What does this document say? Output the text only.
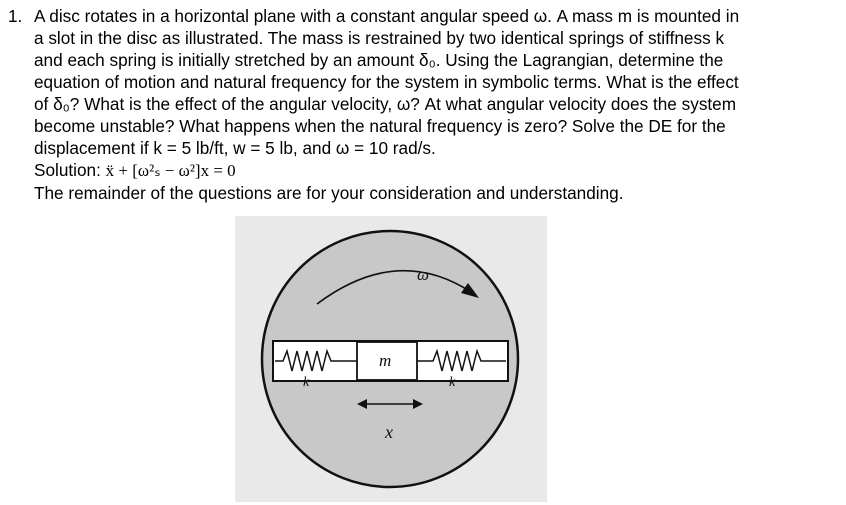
1. A disc rotates in a horizontal plane with a constant angular speed ω. A mass m is mounted in
a slot in the disc as illustrated. The mass is restrained by two identical springs of stiffness k
and each spring is initially stretched by an amount δ₀. Using the Lagrangian, determine the
equation of motion and natural frequency for the system in symbolic terms. What is the effect
of δ₀? What is the effect of the angular velocity, ω? At what angular velocity does the system
become unstable? What happens when the natural frequency is zero? Solve the DE for the
displacement if k = 5 lb/ft, w = 5 lb, and ω = 10 rad/s.
Solution: ẍ + [ω²ₛ − ω²]x = 0
The remainder of the questions are for your consideration and understanding.
ω
k
m
k
x
